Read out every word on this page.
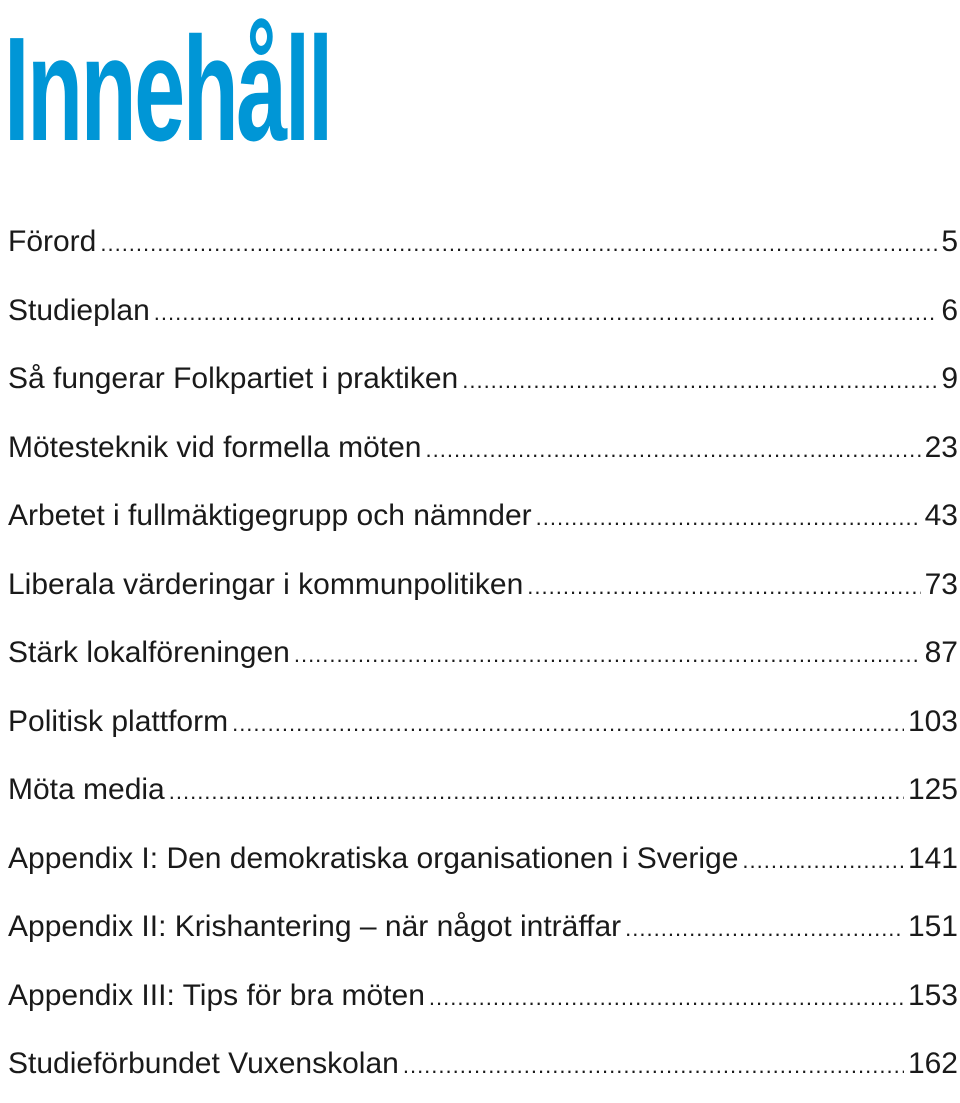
Innehåll
Förord .....	5
Studieplan .....	6
Så fungerar Folkpartiet i praktiken .....	9
Mötesteknik vid formella möten .....	23
Arbetet i fullmäktigegrupp och nämnder .....	43
Liberala värderingar i kommunpolitiken .....	73
Stärk lokalföreningen .....	87
Politisk plattform .....	103
Möta media .....	125
Appendix I: Den demokratiska organisationen i Sverige .....	141
Appendix II: Krishantering – när något inträffar .....	151
Appendix III: Tips för bra möten .....	153
Studieförbundet Vuxenskolan .....	162
